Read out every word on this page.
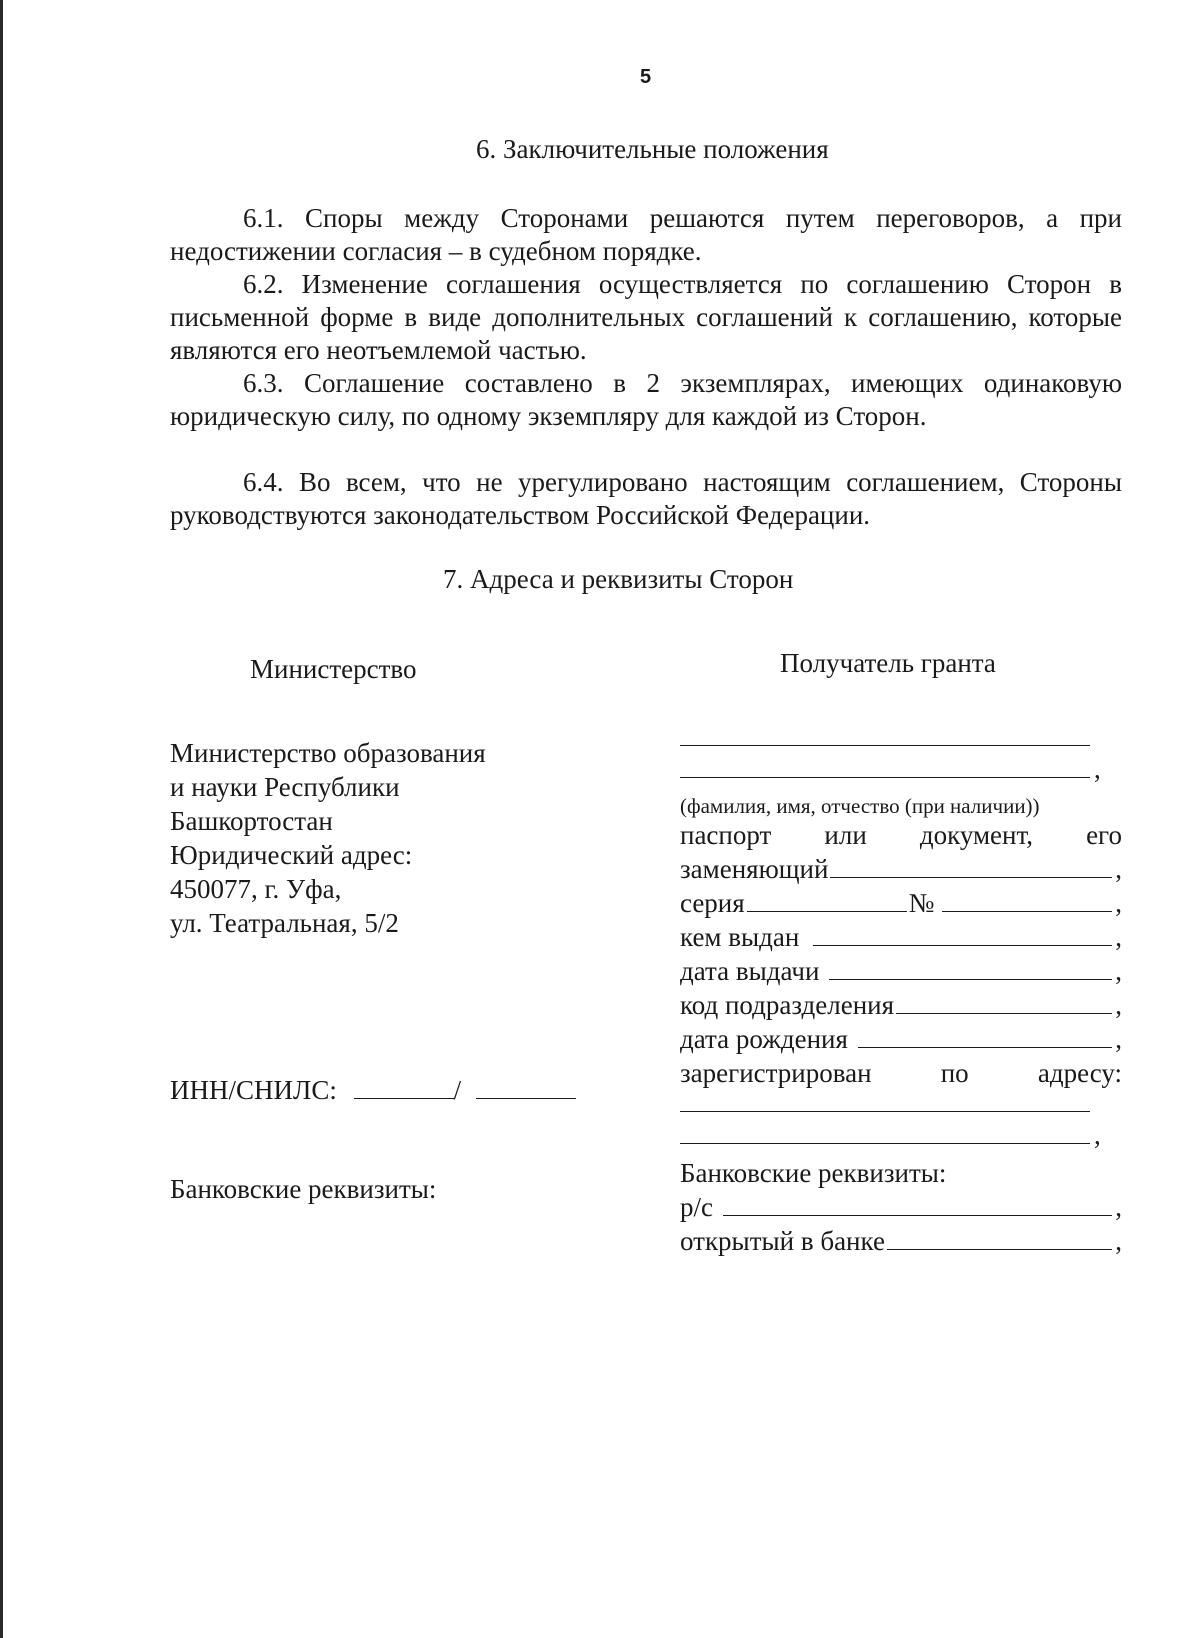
5
6. Заключительные положения
6.1. Споры между Сторонами решаются путем переговоров, а при недостижении согласия – в судебном порядке.
6.2. Изменение соглашения осуществляется по соглашению Сторон в письменной форме в виде дополнительных соглашений к соглашению, которые являются его неотъемлемой частью.
6.3. Соглашение составлено в 2 экземплярах, имеющих одинаковую юридическую силу, по одному экземпляру для каждой из Сторон.
6.4. Во всем, что не урегулировано настоящим соглашением, Стороны руководствуются законодательством Российской Федерации.
7. Адреса и реквизиты Сторон
Министерство	Получатель гранта
Министерство образования
и науки Республики
Башкортостан
Юридический адрес:
450077, г. Уфа,
ул. Театральная, 5/2
ИНН/СНИЛС:	/
Банковские реквизиты:
,
(фамилия, имя, отчество (при наличии))
паспорт или документ, его
заменяющий	,
серия	№	,
кем выдан	,
дата выдачи	,
код подразделения	,
дата рождения	,
зарегистрирован	по	адресу:
,
Банковские реквизиты:
р/с	,
открытый в банке	,
